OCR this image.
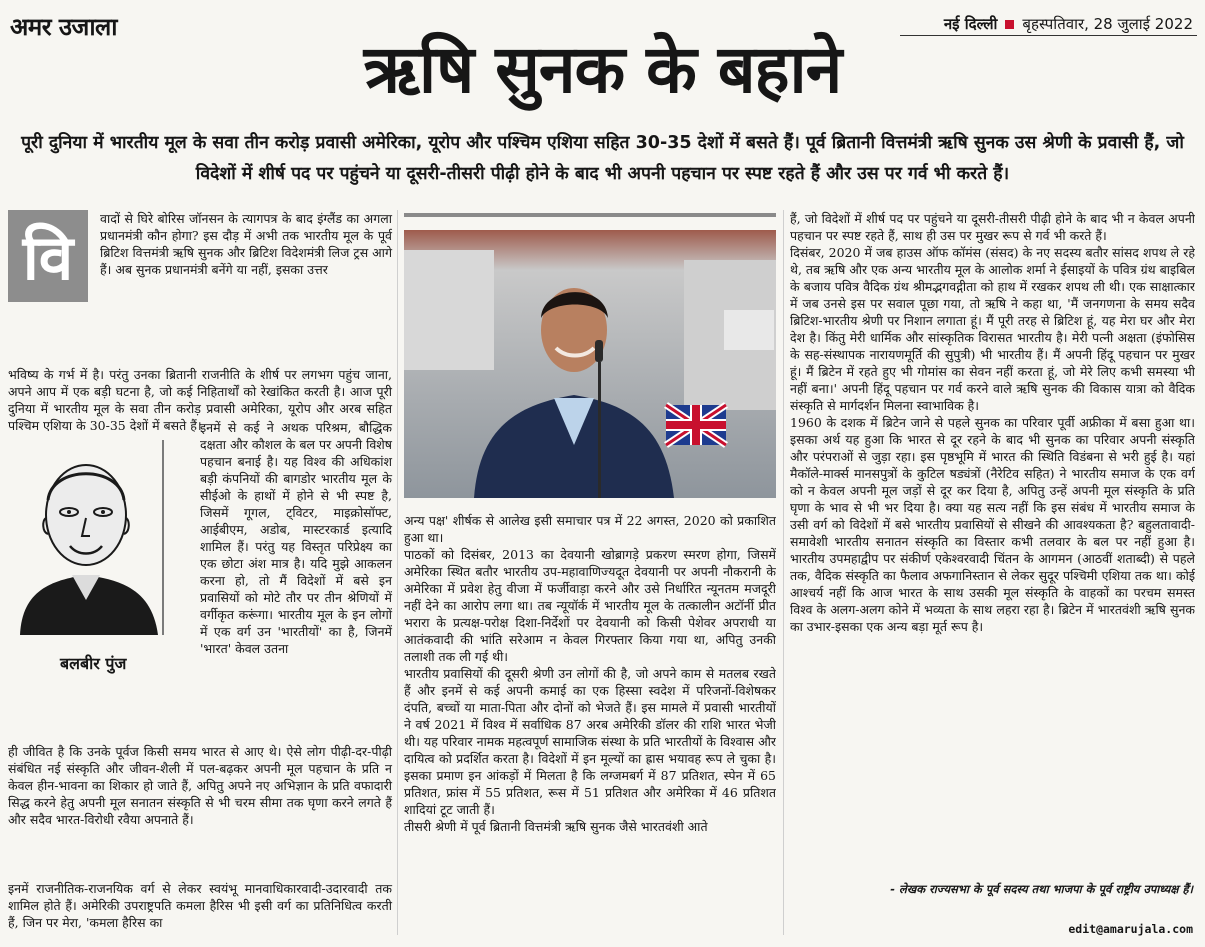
अमर उजाला	नई दिल्ली बृहस्पतिवार, 28 जुलाई 2022
ऋषि सुनक के बहाने
पूरी दुनिया में भारतीय मूल के सवा तीन करोड़ प्रवासी अमेरिका, यूरोप और पश्चिम एशिया सहित 30-35 देशों में बसते हैं। पूर्व ब्रितानी वित्तमंत्री ऋषि सुनक उस श्रेणी के प्रवासी हैं, जो विदेशों में शीर्ष पद पर पहुंचने या दूसरी-तीसरी पीढ़ी होने के बाद भी अपनी पहचान पर स्पष्ट रहते हैं और उस पर गर्व भी करते हैं।
वि
वादों से घिरे बोरिस जॉनसन के त्यागपत्र के बाद इंग्लैंड का अगला प्रधानमंत्री कौन होगा? इस दौड़ में अभी तक भारतीय मूल के पूर्व ब्रिटिश वित्तमंत्री ऋषि सुनक और ब्रिटिश विदेशमंत्री लिज ट्रस आगे हैं। अब सुनक प्रधानमंत्री बनेंगे या नहीं, इसका उत्तर
भविष्य के गर्भ में है। परंतु उनका ब्रितानी राजनीति के शीर्ष पर लगभग पहुंच जाना, अपने आप में एक बड़ी घटना है, जो कई निहितार्थों को रेखांकित करती है। आज पूरी दुनिया में भारतीय मूल के सवा तीन करोड़ प्रवासी अमेरिका, यूरोप और अरब सहित पश्चिम एशिया के 30-35 देशों में बसते हैं।
बलबीर पुंज
इनमें से कई ने अथक परिश्रम, बौद्धिक दक्षता और कौशल के बल पर अपनी विशेष पहचान बनाई है। यह विश्व की अधिकांश बड़ी कंपनियों की बागडोर भारतीय मूल के सीईओ के हाथों में होने से भी स्पष्ट है, जिसमें गूगल, ट्विटर, माइक्रोसॉफ्ट, आईबीएम, अडोब, मास्टरकार्ड इत्यादि शामिल हैं। परंतु यह विस्तृत परिप्रेक्ष्य का एक छोटा अंश मात्र है। यदि मुझे आकलन करना हो, तो मैं विदेशों में बसे इन प्रवासियों को मोटे तौर पर तीन श्रेणियों में वर्गीकृत करूंगा। भारतीय मूल के इन लोगों में एक वर्ग उन 'भारतीयों' का है, जिनमें 'भारत' केवल उतना
ही जीवित है कि उनके पूर्वज किसी समय भारत से आए थे। ऐसे लोग पीढ़ी-दर-पीढ़ी संबंधित नई संस्कृति और जीवन-शैली में पल-बढ़कर अपनी मूल पहचान के प्रति न केवल हीन-भावना का शिकार हो जाते हैं, अपितु अपने नए अभिज्ञान के प्रति वफादारी सिद्ध करने हेतु अपनी मूल सनातन संस्कृति से भी चरम सीमा तक घृणा करने लगते हैं और सदैव भारत-विरोधी रवैया अपनाते हैं।
इनमें राजनीतिक-राजनयिक वर्ग से लेकर स्वयंभू मानवाधिकारवादी-उदारवादी तक शामिल होते हैं। अमेरिकी उपराष्ट्रपति कमला हैरिस भी इसी वर्ग का प्रतिनिधित्व करती हैं, जिन पर मेरा, 'कमला हैरिस का

अन्य पक्ष' शीर्षक से आलेख इसी समाचार पत्र में 22 अगस्त, 2020 को प्रकाशित हुआ था।

पाठकों को दिसंबर, 2013 का देवयानी खोब्रागड़े प्रकरण स्मरण होगा, जिसमें अमेरिका स्थित बतौर भारतीय उप-महावाणिज्यदूत देवयानी पर अपनी नौकरानी के अमेरिका में प्रवेश हेतु वीजा में फर्जीवाड़ा करने और उसे निर्धारित न्यूनतम मजदूरी नहीं देने का आरोप लगा था। तब न्यूयॉर्क में भारतीय मूल के तत्कालीन अटॉर्नी प्रीत भरारा के प्रत्यक्ष-परोक्ष दिशा-निर्देशों पर देवयानी को किसी पेशेवर अपराधी या आतंकवादी की भांति सरेआम न केवल गिरफ्तार किया गया था, अपितु उनकी तलाशी तक ली गई थी।

भारतीय प्रवासियों की दूसरी श्रेणी उन लोगों की है, जो अपने काम से मतलब रखते हैं और इनमें से कई अपनी कमाई का एक हिस्सा स्वदेश में परिजनों-विशेषकर दंपति, बच्चों या माता-पिता और दोनों को भेजते हैं। इस मामले में प्रवासी भारतीयों ने वर्ष 2021 में विश्व में सर्वाधिक 87 अरब अमेरिकी डॉलर की राशि भारत भेजी थी। यह परिवार नामक महत्वपूर्ण सामाजिक संस्था के प्रति भारतीयों के विश्वास और दायित्व को प्रदर्शित करता है। विदेशों में इन मूल्यों का ह्रास भयावह रूप ले चुका है। इसका प्रमाण इन आंकड़ों में मिलता है कि लग्जमबर्ग में 87 प्रतिशत, स्पेन में 65 प्रतिशत, फ्रांस में 55 प्रतिशत, रूस में 51 प्रतिशत और अमेरिका में 46 प्रतिशत शादियां टूट जाती हैं।

तीसरी श्रेणी में पूर्व ब्रितानी वित्तमंत्री ऋषि सुनक जैसे भारतवंशी आते

हैं, जो विदेशों में शीर्ष पद पर पहुंचने या दूसरी-तीसरी पीढ़ी होने के बाद भी न केवल अपनी पहचान पर स्पष्ट रहते हैं, साथ ही उस पर मुखर रूप से गर्व भी करते हैं।

दिसंबर, 2020 में जब हाउस ऑफ कॉमंस (संसद) के नए सदस्य बतौर सांसद शपथ ले रहे थे, तब ऋषि और एक अन्य भारतीय मूल के आलोक शर्मा ने ईसाइयों के पवित्र ग्रंथ बाइबिल के बजाय पवित्र वैदिक ग्रंथ श्रीमद्भगवद्गीता को हाथ में रखकर शपथ ली थी। एक साक्षात्कार में जब उनसे इस पर सवाल पूछा गया, तो ऋषि ने कहा था, 'मैं जनगणना के समय सदैव ब्रिटिश-भारतीय श्रेणी पर निशान लगाता हूं। मैं पूरी तरह से ब्रिटिश हूं, यह मेरा घर और मेरा देश है। किंतु मेरी धार्मिक और सांस्कृतिक विरासत भारतीय है। मेरी पत्नी अक्षता (इंफोसिस के सह-संस्थापक नारायणमूर्ति की सुपुत्री) भी भारतीय हैं। मैं अपनी हिंदू पहचान पर मुखर हूं। मैं ब्रिटेन में रहते हुए भी गोमांस का सेवन नहीं करता हूं, जो मेरे लिए कभी समस्या भी नहीं बना।' अपनी हिंदू पहचान पर गर्व करने वाले ऋषि सुनक की विकास यात्रा को वैदिक संस्कृति से मार्गदर्शन मिलना स्वाभाविक है।

1960 के दशक में ब्रिटेन जाने से पहले सुनक का परिवार पूर्वी अफ्रीका में बसा हुआ था। इसका अर्थ यह हुआ कि भारत से दूर रहने के बाद भी सुनक का परिवार अपनी संस्कृति और परंपराओं से जुड़ा रहा। इस पृष्ठभूमि में भारत की स्थिति विडंबना से भरी हुई है। यहां मैकॉले-मार्क्स मानसपुत्रों के कुटिल षड्यंत्रों (नैरेटिव सहित) ने भारतीय समाज के एक वर्ग को न केवल अपनी मूल जड़ों से दूर कर दिया है, अपितु उन्हें अपनी मूल संस्कृति के प्रति घृणा के भाव से भी भर दिया है। क्या यह सत्य नहीं कि इस संबंध में भारतीय समाज के उसी वर्ग को विदेशों में बसे भारतीय प्रवासियों से सीखने की आवश्यकता है? बहुलतावादी-समावेशी भारतीय सनातन संस्कृति का विस्तार कभी तलवार के बल पर नहीं हुआ है। भारतीय उपमहाद्वीप पर संकीर्ण एकेश्वरवादी चिंतन के आगमन (आठवीं शताब्दी) से पहले तक, वैदिक संस्कृति का फैलाव अफगानिस्तान से लेकर सुदूर पश्चिमी एशिया तक था। कोई आश्चर्य नहीं कि आज भारत के साथ उसकी मूल संस्कृति के वाहकों का परचम समस्त विश्व के अलग-अलग कोने में भव्यता के साथ लहरा रहा है। ब्रिटेन में भारतवंशी ऋषि सुनक का उभार-इसका एक अन्य बड़ा मूर्त रूप है।

- लेखक राज्यसभा के पूर्व सदस्य तथा भाजपा के पूर्व राष्ट्रीय उपाध्यक्ष हैं।
edit@amarujala.com
